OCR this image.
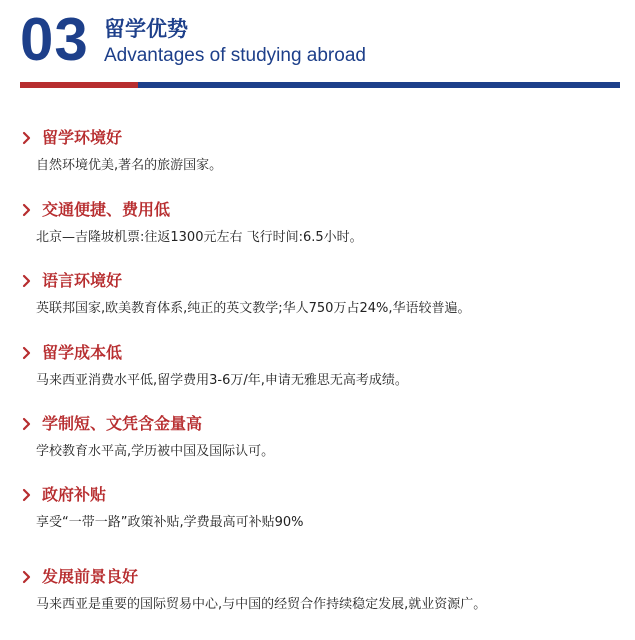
03 留学优势
Advantages of studying abroad
留学环境好
自然环境优美,著名的旅游国家。
交通便捷、费用低
北京—吉隆坡机票:往返1300元左右 飞行时间:6.5小时。
语言环境好
英联邦国家,欧美教育体系,纯正的英文教学;华人750万占24%,华语较普遍。
留学成本低
马来西亚消费水平低,留学费用3-6万/年,申请无雅思无高考成绩。
学制短、文凭含金量高
学校教育水平高,学历被中国及国际认可。
政府补贴
享受“一带一路”政策补贴,学费最高可补贴90%
发展前景良好
马来西亚是重要的国际贸易中心,与中国的经贸合作持续稳定发展,就业资源广。
